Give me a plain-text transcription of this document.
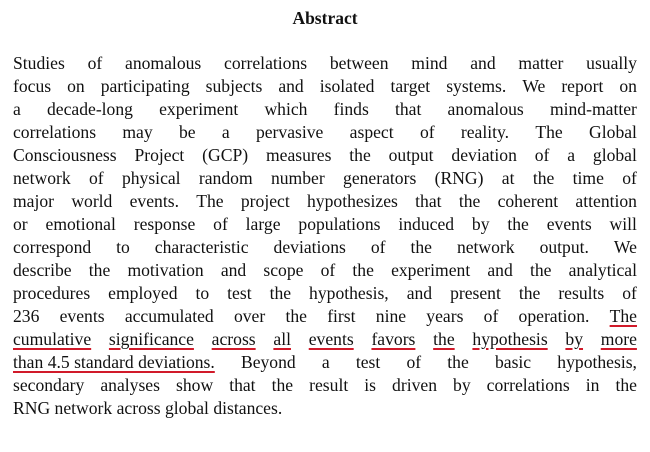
Abstract
Studies of anomalous correlations between mind and matter usually
focus on participating subjects and isolated target systems. We report on
a decade-long experiment which finds that anomalous mind-matter
correlations may be a pervasive aspect of reality. The Global
Consciousness Project (GCP) measures the output deviation of a global
network of physical random number generators (RNG) at the time of
major world events. The project hypothesizes that the coherent attention
or emotional response of large populations induced by the events will
correspond to characteristic deviations of the network output. We
describe the motivation and scope of the experiment and the analytical
procedures employed to test the hypothesis, and present the results of
236 events accumulated over the first nine years of operation. The
cumulative significance across all events favors the hypothesis by more
than 4.5 standard deviations. Beyond a test of the basic hypothesis,
secondary analyses show that the result is driven by correlations in the
RNG network across global distances.
